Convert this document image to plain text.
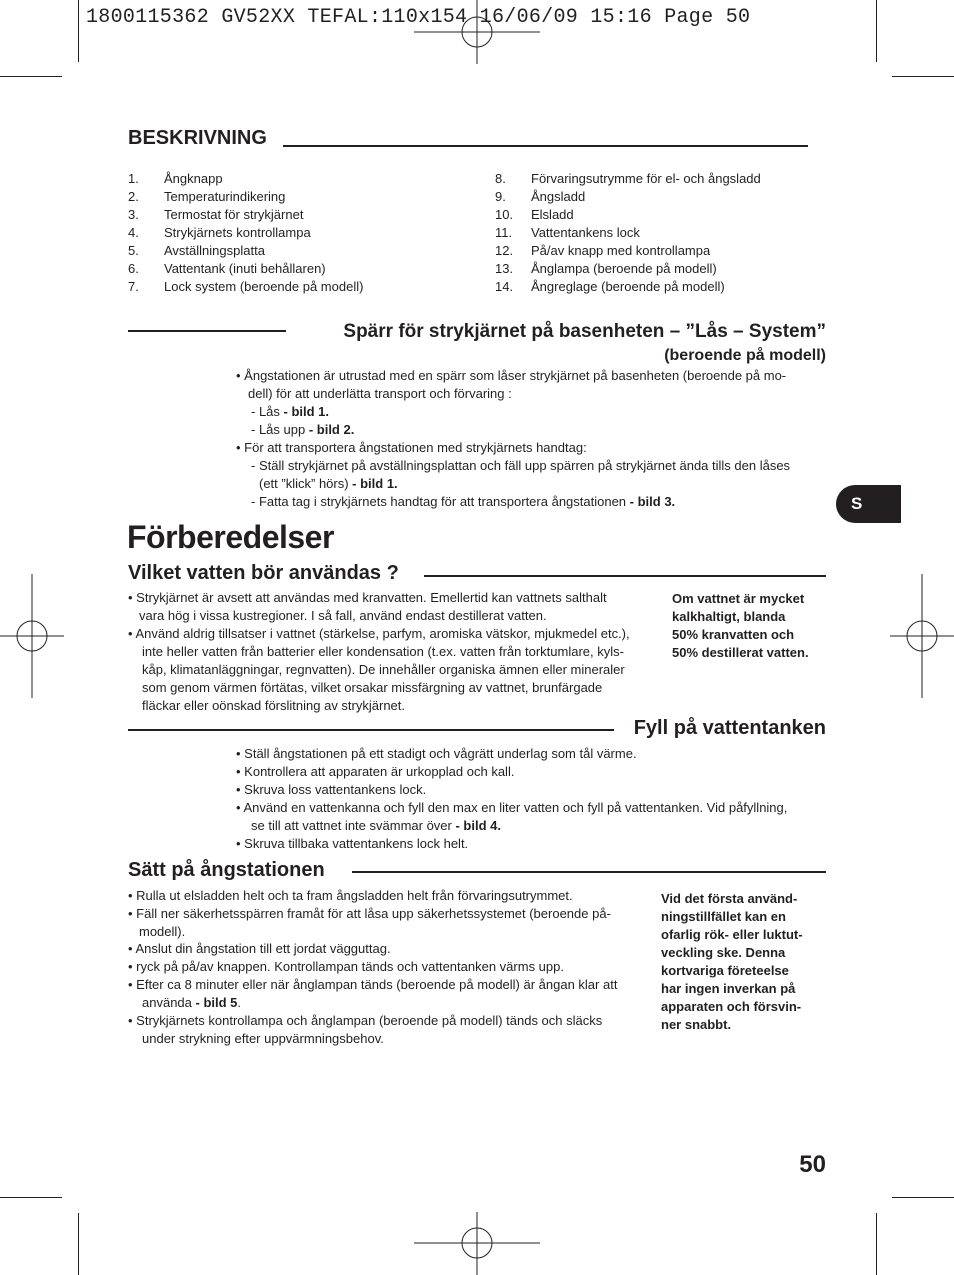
1800115362 GV52XX TEFAL:110x154 16/06/09 15:16 Page 50
BESKRIVNING
1. Ångknapp
2. Temperaturindikering
3. Termostat för strykjärnet
4. Strykjärnets kontrollampa
5. Avställningsplatta
6. Vattentank (inuti behållaren)
7. Lock system (beroende på modell)
8. Förvaringsutrymme för el- och ångsladd
9. Ångsladd
10. Elsladd
11. Vattentankens lock
12. På/av knapp med kontrollampa
13. Ånglampa (beroende på modell)
14. Ångreglage (beroende på modell)
Spärr för strykjärnet på basenheten – ”Lås – System”
(beroende på modell)
• Ångstationen är utrustad med en spärr som låser strykjärnet på basenheten (beroende på mo-
dell) för att underlätta transport och förvaring :
- Lås - bild 1.
- Lås upp - bild 2.
• För att transportera ångstationen med strykjärnets handtag:
- Ställ strykjärnet på avställningsplattan och fäll upp spärren på strykjärnet ända tills den låses
(ett ”klick” hörs) - bild 1.
- Fatta tag i strykjärnets handtag för att transportera ångstationen - bild 3.	S
Förberedelser
Vilket vatten bör användas ?
• Strykjärnet är avsett att användas med kranvatten. Emellertid kan vattnets salthalt
vara hög i vissa kustregioner. I så fall, använd endast destillerat vatten.
• Använd aldrig tillsatser i vattnet (stärkelse, parfym, aromiska vätskor, mjukmedel etc.),
inte heller vatten från batterier eller kondensation (t.ex. vatten från torktumlare, kyls-
kåp, klimatanläggningar, regnvatten). De innehåller organiska ämnen eller mineraler
som genom värmen förtätas, vilket orsakar missfärgning av vattnet, brunfärgade
fläckar eller oönskad förslitning av strykjärnet.
Om vattnet är mycket
kalkhaltigt, blanda
50% kranvatten och
50% destillerat vatten.
Fyll på vattentanken
• Ställ ångstationen på ett stadigt och vågrätt underlag som tål värme.
• Kontrollera att apparaten är urkopplad och kall.
• Skruva loss vattentankens lock.
• Använd en vattenkanna och fyll den max en liter vatten och fyll på vattentanken. Vid påfyllning,
se till att vattnet inte svämmar över - bild 4.
• Skruva tillbaka vattentankens lock helt.
Sätt på ångstationen
• Rulla ut elsladden helt och ta fram ångsladden helt från förvaringsutrymmet.
• Fäll ner säkerhetsspärren framåt för att låsa upp säkerhetssystemet (beroende på-
modell).
• Anslut din ångstation till ett jordat vägguttag.
• ryck på på/av knappen. Kontrollampan tänds och vattentanken värms upp.
• Efter ca 8 minuter eller när ånglampan tänds (beroende på modell) är ångan klar att
använda - bild 5.
• Strykjärnets kontrollampa och ånglampan (beroende på modell) tänds och släcks
under strykning efter uppvärmningsbehov.
Vid det första använd-
ningstillfället kan en
ofarlig rök- eller luktut-
veckling ske. Denna
kortvariga företeelse
har ingen inverkan på
apparaten och försvin-
ner snabbt.
50
